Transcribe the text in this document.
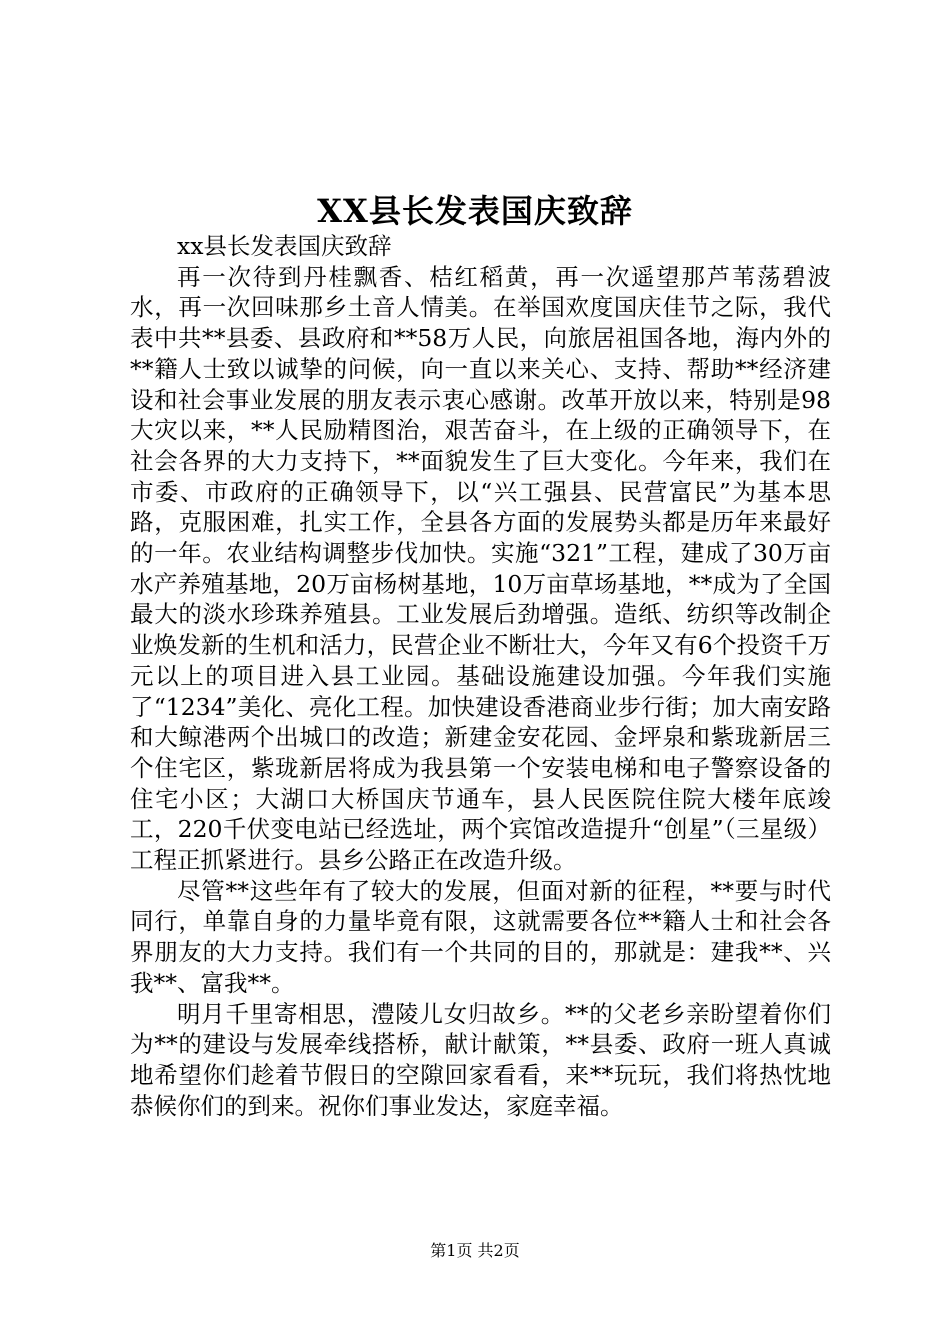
XX县长发表国庆致辞

xx县长发表国庆致辞

再一次待到丹桂飘香、桔红稻黄，再一次遥望那芦苇荡碧波水，再一次回味那乡土音人情美。在举国欢度国庆佳节之际，我代表中共**县委、县政府和**58万人民，向旅居祖国各地，海内外的**籍人士致以诚挚的问候，向一直以来关心、支持、帮助**经济建设和社会事业发展的朋友表示衷心感谢。改革开放以来，特别是98大灾以来，**人民励精图治，艰苦奋斗，在上级的正确领导下，在社会各界的大力支持下，**面貌发生了巨大变化。今年来，我们在市委、市政府的正确领导下，以“兴工强县、民营富民”为基本思路，克服困难，扎实工作，全县各方面的发展势头都是历年来最好的一年。农业结构调整步伐加快。实施“321”工程，建成了30万亩水产养殖基地，20万亩杨树基地，10万亩草场基地，**成为了全国最大的淡水珍珠养殖县。工业发展后劲增强。造纸、纺织等改制企业焕发新的生机和活力，民营企业不断壮大，今年又有6个投资千万元以上的项目进入县工业园。基础设施建设加强。今年我们实施了“1234”美化、亮化工程。加快建设香港商业步行街；加大南安路和大鲸港两个出城口的改造；新建金安花园、金坪泉和紫珑新居三个住宅区，紫珑新居将成为我县第一个安装电梯和电子警察设备的住宅小区；大湖口大桥国庆节通车，县人民医院住院大楼年底竣工，220千伏变电站已经选址，两个宾馆改造提升“创星”（三星级）工程正抓紧进行。县乡公路正在改造升级。

尽管**这些年有了较大的发展，但面对新的征程，**要与时代同行，单靠自身的力量毕竟有限，这就需要各位**籍人士和社会各界朋友的大力支持。我们有一个共同的目的，那就是：建我**、兴我**、富我**。

明月千里寄相思，澧陵儿女归故乡。**的父老乡亲盼望着你们为**的建设与发展牵线搭桥，献计献策，**县委、政府一班人真诚地希望你们趁着节假日的空隙回家看看，来**玩玩，我们将热忱地恭候你们的到来。祝你们事业发达，家庭幸福。

第1页 共2页
